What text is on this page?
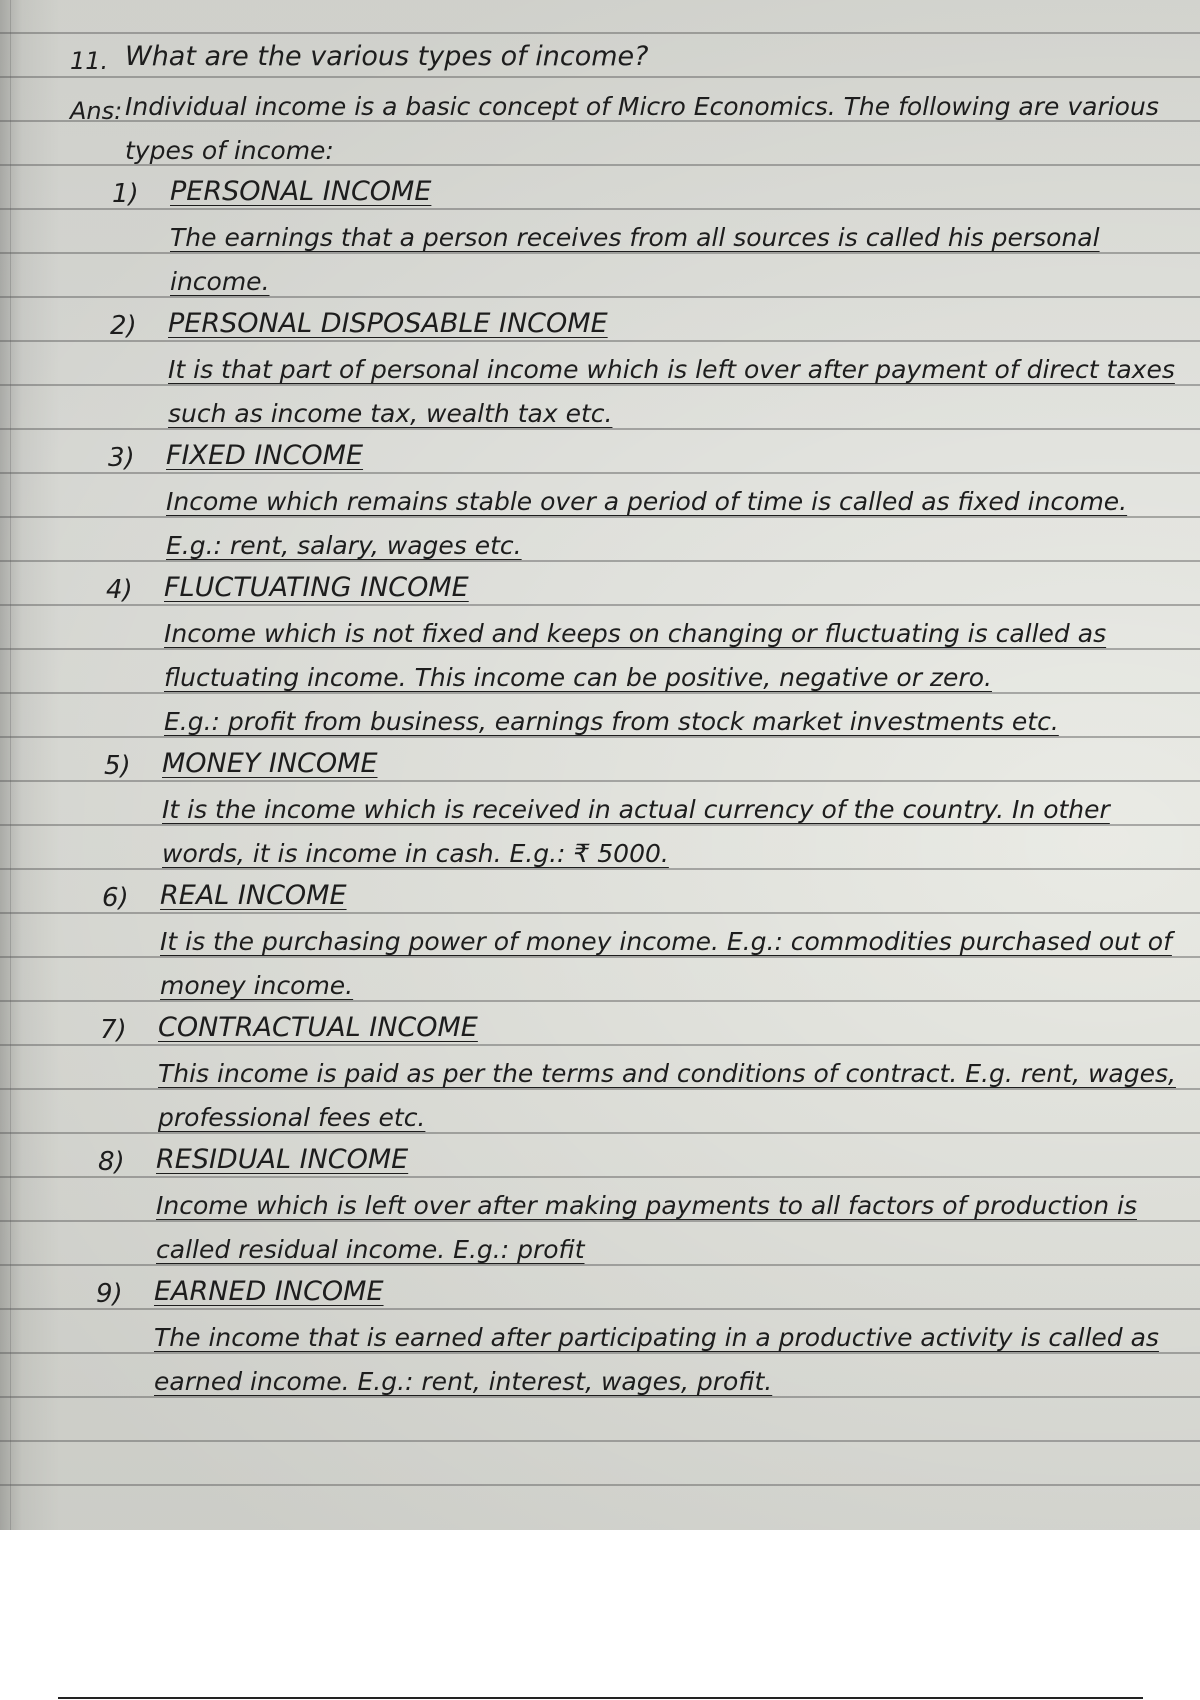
11. What are the various types of income?
Ans: Individual income is a basic concept of Micro Economics. The following are various
types of income:
1) PERSONAL INCOME
The earnings that a person receives from all sources is called his personal
income.
2) PERSONAL DISPOSABLE INCOME
It is that part of personal income which is left over after payment of direct taxes
such as income tax, wealth tax etc.
3) FIXED INCOME
Income which remains stable over a period of time is called as fixed income.
E.g.: rent, salary, wages etc.
4) FLUCTUATING INCOME
Income which is not fixed and keeps on changing or fluctuating is called as
fluctuating income. This income can be positive, negative or zero.
E.g.: profit from business, earnings from stock market investments etc.
5) MONEY INCOME
It is the income which is received in actual currency of the country. In other
words, it is income in cash. E.g.: ₹ 5000.
6) REAL INCOME
It is the purchasing power of money income. E.g.: commodities purchased out of
money income.
7) CONTRACTUAL INCOME
This income is paid as per the terms and conditions of contract. E.g. rent, wages,
professional fees etc.
8) RESIDUAL INCOME
Income which is left over after making payments to all factors of production is
called residual income. E.g.: profit
9) EARNED INCOME
The income that is earned after participating in a productive activity is called as
earned income. E.g.: rent, interest, wages, profit.
